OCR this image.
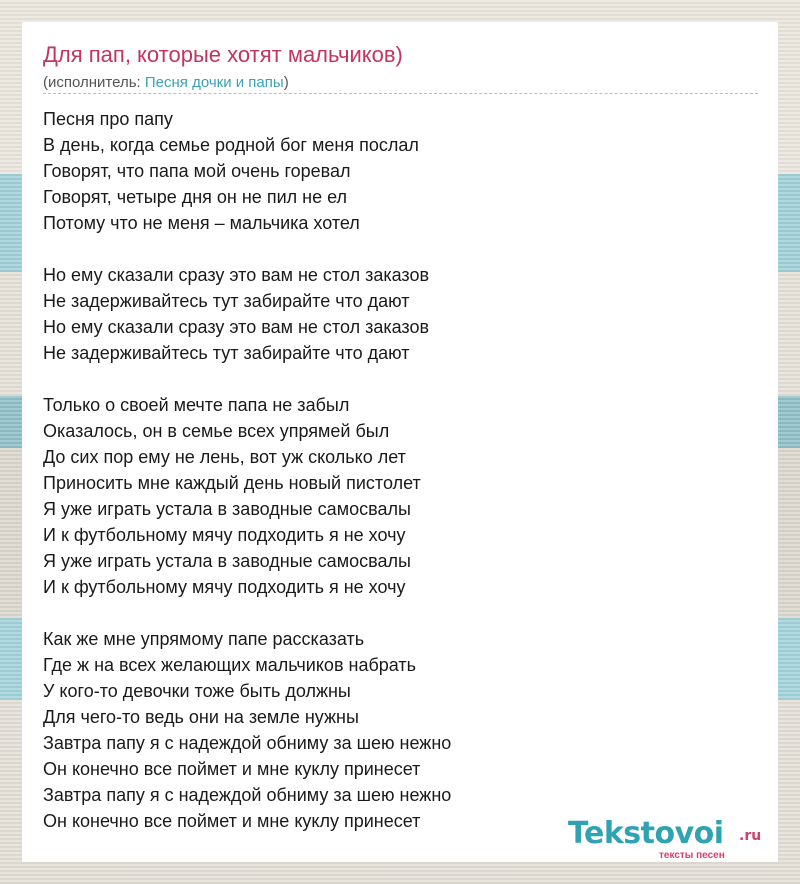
Для пап, которые хотят мальчиков)
(исполнитель: Песня дочки и папы)
Песня про папу
В день, когда семье родной бог меня послал
Говорят, что папа мой очень горевал
Говорят, четыре дня он не пил не ел
Потому что не меня – мальчика хотел
Но ему сказали сразу это вам не стол заказов
Не задерживайтесь тут забирайте что дают
Но ему сказали сразу это вам не стол заказов
Не задерживайтесь тут забирайте что дают
Только о своей мечте папа не забыл
Оказалось, он в семье всех упрямей был
До сих пор ему не лень, вот уж сколько лет
Приносить мне каждый день новый пистолет
Я уже играть устала в заводные самосвалы
И к футбольному мячу подходить я не хочу
Я уже играть устала в заводные самосвалы
И к футбольному мячу подходить я не хочу
Как же мне упрямому папе рассказать
Где ж на всех желающих мальчиков набрать
У кого-то девочки тоже быть должны
Для чего-то ведь они на земле нужны
Завтра папу я с надеждой обниму за шею нежно
Он конечно все поймет и мне куклу принесет
Завтра папу я с надеждой обниму за шею нежно
Он конечно все поймет и мне куклу принесет	Tekstovoi .ru
тексты песен
